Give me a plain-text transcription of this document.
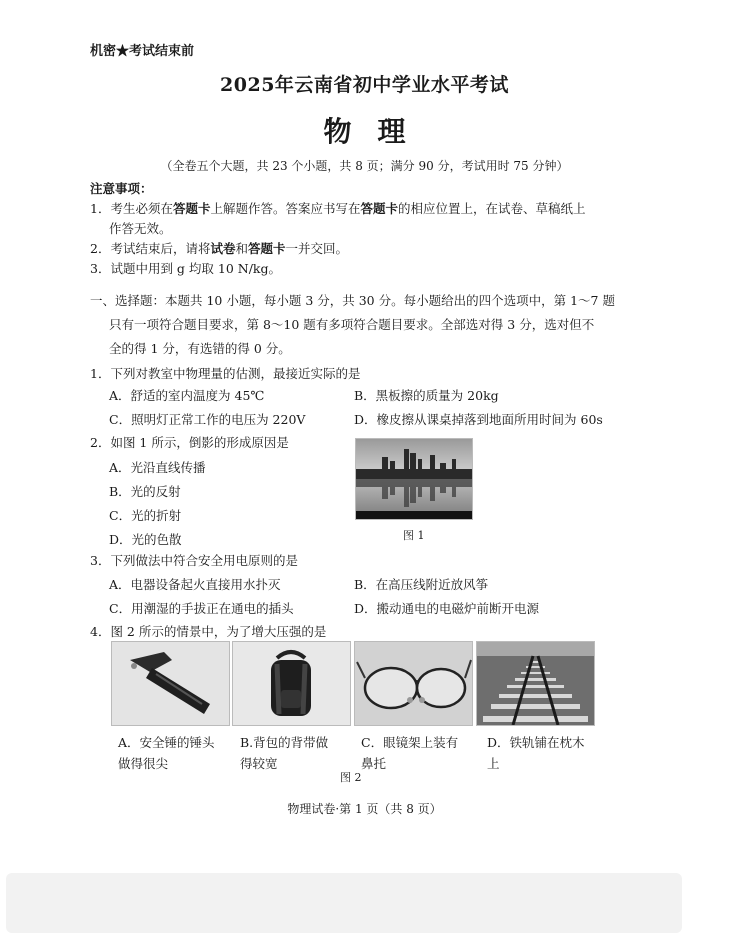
机密★考试结束前
2025年云南省初中学业水平考试
物理
（全卷五个大题，共 23 个小题，共 8 页；满分 90 分，考试用时 75 分钟）
注意事项：
1．考生必须在答题卡上解题作答。答案应书写在答题卡的相应位置上，在试卷、草稿纸上
作答无效。
2．考试结束后，请将试卷和答题卡一并交回。
3．试题中用到 g 均取 10 N/kg。
一、选择题：本题共 10 小题，每小题 3 分，共 30 分。每小题给出的四个选项中，第 1～7 题
只有一项符合题目要求，第 8～10 题有多项符合题目要求。全部选对得 3 分，选对但不
全的得 1 分，有选错的得 0 分。
1．下列对教室中物理量的估测，最接近实际的是
A．舒适的室内温度为 45℃	B．黑板擦的质量为 20kg
C．照明灯正常工作的电压为 220V	D．橡皮擦从课桌掉落到地面所用时间为 60s
2．如图 1 所示，倒影的形成原因是
A．光沿直线传播
B．光的反射
C．光的折射
D．光的色散	图 1
3．下列做法中符合安全用电原则的是
A．电器设备起火直接用水扑灭	B．在高压线附近放风筝
C．用潮湿的手拔正在通电的插头	D．搬动通电的电磁炉前断开电源
4．图 2 所示的情景中，为了增大压强的是
A．安全锤的锤头做得很尖
B.背包的背带做得较宽
C．眼镜架上装有鼻托
D．铁轨铺在枕木上
图 2
物理试卷·第 1 页（共 8 页）
